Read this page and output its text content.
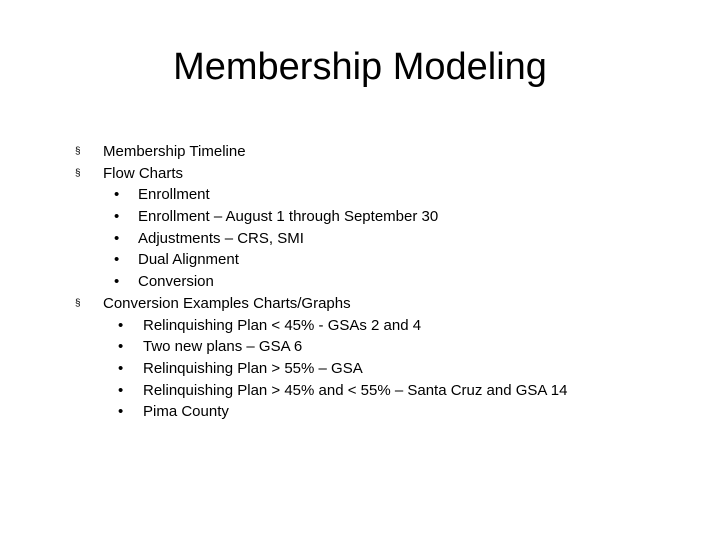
Membership Modeling
§ Membership Timeline
§ Flow Charts
• Enrollment
• Enrollment – August 1 through September 30
• Adjustments – CRS, SMI
• Dual Alignment
• Conversion
§ Conversion Examples Charts/Graphs
• Relinquishing Plan < 45% - GSAs 2 and 4
• Two new plans – GSA 6
• Relinquishing Plan > 55% – GSA
• Relinquishing Plan > 45% and < 55% – Santa Cruz and GSA 14
• Pima County
